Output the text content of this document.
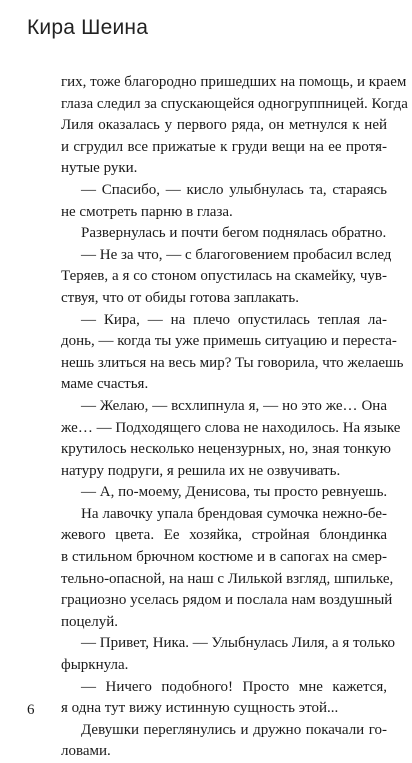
Кира Шеина
гих, тоже благородно пришедших на помощь, и краем
глаза следил за спускающейся одногруппницей. Когда
Лиля оказалась у первого ряда, он метнулся к ней
и сгрудил все прижатые к груди вещи на ее протя-
нутые руки.
— Спасибо, — кисло улыбнулась та, стараясь
не смотреть парню в глаза.
Развернулась и почти бегом поднялась обратно.
— Не за что, — с благоговением пробасил вслед
Теряев, а я со стоном опустилась на скамейку, чув-
ствуя, что от обиды готова заплакать.
— Кира, — на плечо опустилась теплая ла-
донь, — когда ты уже примешь ситуацию и переста-
нешь злиться на весь мир? Ты говорила, что желаешь
маме счастья.
— Желаю, — всхлипнула я, — но это же… Она
же… — Подходящего слова не находилось. На языке
крутилось несколько нецензурных, но, зная тонкую
натуру подруги, я решила их не озвучивать.
— А, по-моему, Денисова, ты просто ревнуешь.
На лавочку упала брендовая сумочка нежно-бе-
жевого цвета. Ее хозяйка, стройная блондинка
в стильном брючном костюме и в сапогах на смер-
тельно-опасной, на наш с Лилькой взгляд, шпильке,
грациозно уселась рядом и послала нам воздушный
поцелуй.
— Привет, Ника. — Улыбнулась Лиля, а я только
фыркнула.
— Ничего подобного! Просто мне кажется,
я одна тут вижу истинную сущность этой...
Девушки переглянулись и дружно покачали го-
ловами.
6
